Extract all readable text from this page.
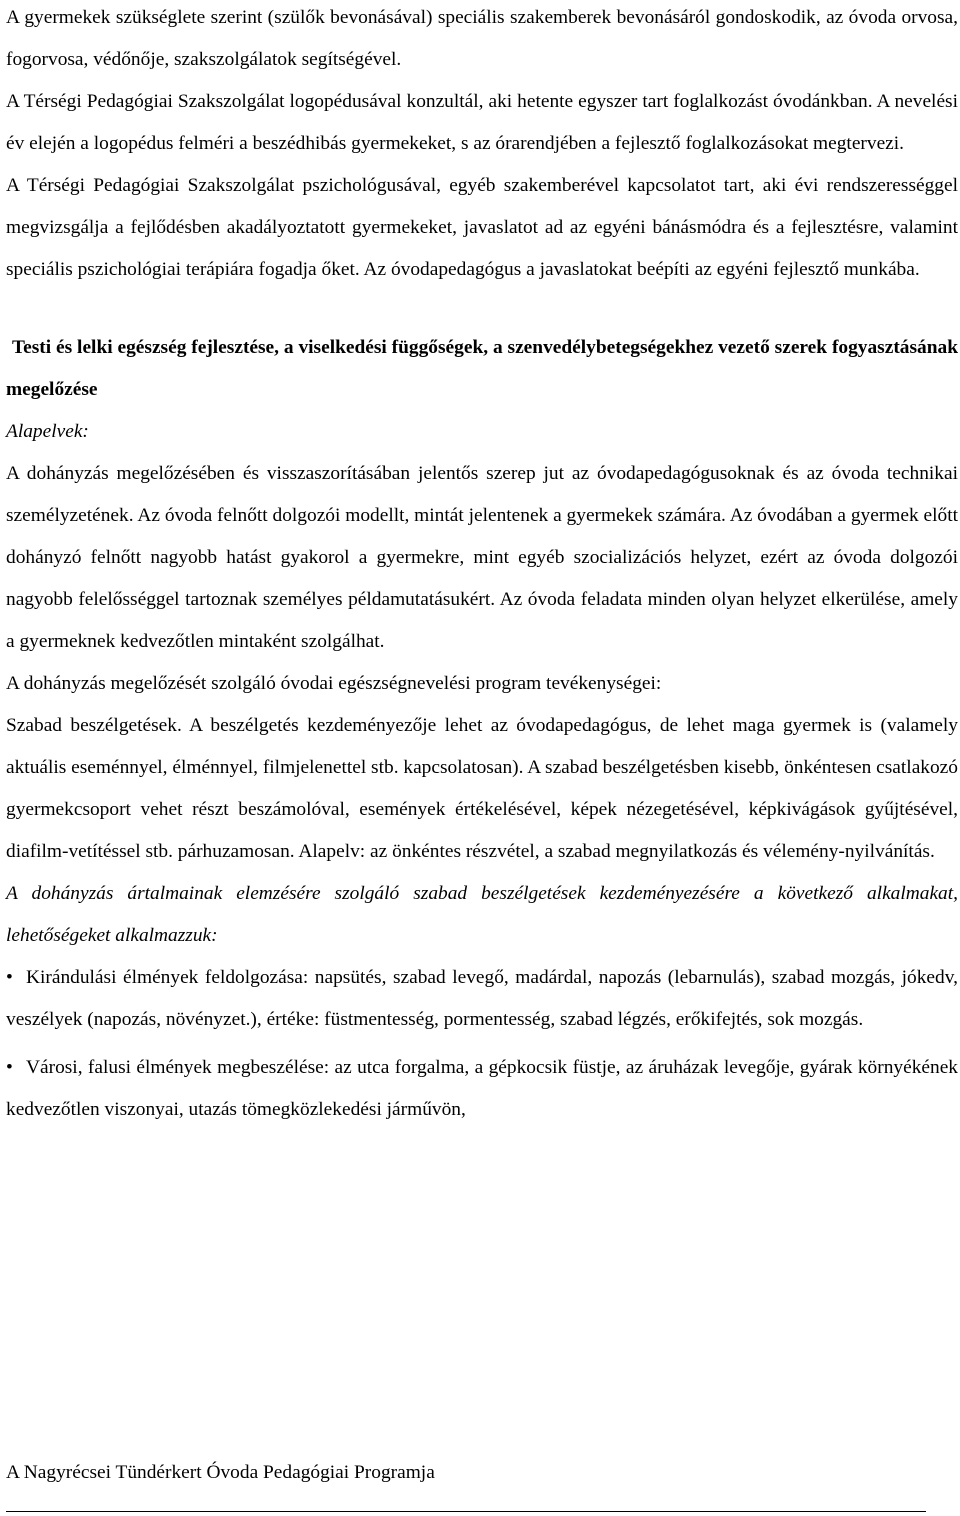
A gyermekek szükséglete szerint (szülők bevonásával) speciális szakemberek bevonásáról gondoskodik, az óvoda orvosa, fogorvosa, védőnője, szakszolgálatok segítségével.

A Térségi Pedagógiai Szakszolgálat logopédusával konzultál, aki hetente egyszer tart foglalkozást óvodánkban. A nevelési év elején a logopédus felméri a beszédhibás gyermekeket, s az órarendjében a fejlesztő foglalkozásokat megtervezi.

A Térségi Pedagógiai Szakszolgálat pszichológusával, egyéb szakemberével kapcsolatot tart, aki évi rendszerességgel megvizsgálja a fejlődésben akadályoztatott gyermekeket, javaslatot ad az egyéni bánásmódra és a fejlesztésre, valamint speciális pszichológiai terápiára fogadja őket. Az óvodapedagógus a javaslatokat beépíti az egyéni fejlesztő munkába.

Testi és lelki egészség fejlesztése, a viselkedési függőségek, a szenvedélybetegségekhez vezető szerek fogyasztásának megelőzése

Alapelvek:

A dohányzás megelőzésében és visszaszorításában jelentős szerep jut az óvodapedagógusoknak és az óvoda technikai személyzetének. Az óvoda felnőtt dolgozói modellt, mintát jelentenek a gyermekek számára. Az óvodában a gyermek előtt dohányzó felnőtt nagyobb hatást gyakorol a gyermekre, mint egyéb szocializációs helyzet, ezért az óvoda dolgozói nagyobb felelősséggel tartoznak személyes példamutatásukért. Az óvoda feladata minden olyan helyzet elkerülése, amely a gyermeknek kedvezőtlen mintaként szolgálhat.

A dohányzás megelőzését szolgáló óvodai egészségnevelési program tevékenységei:

Szabad beszélgetések. A beszélgetés kezdeményezője lehet az óvodapedagógus, de lehet maga gyermek is (valamely aktuális eseménnyel, élménnyel, filmjelenettel stb. kapcsolatosan). A szabad beszélgetésben kisebb, önkéntesen csatlakozó gyermekcsoport vehet részt beszámolóval, események értékelésével, képek nézegetésével, képkivágások gyűjtésével, diafilm-vetítéssel stb. párhuzamosan. Alapelv: az önkéntes részvétel, a szabad megnyilatkozás és vélemény-nyilvánítás.

A dohányzás ártalmainak elemzésére szolgáló szabad beszélgetések kezdeményezésére a következő alkalmakat, lehetőségeket alkalmazzuk:

• Kirándulási élmények feldolgozása: napsütés, szabad levegő, madárdal, napozás (lebarnulás), szabad mozgás, jókedv, veszélyek (napozás, növényzet.), értéke: füstmentesség, pormentesség, szabad légzés, erőkifejtés, sok mozgás.

• Városi, falusi élmények megbeszélése: az utca forgalma, a gépkocsik füstje, az áruházak levegője, gyárak környékének kedvezőtlen viszonyai, utazás tömegközlekedési járművön,

A Nagyrécsei Tündérkert Óvoda Pedagógiai Programja
